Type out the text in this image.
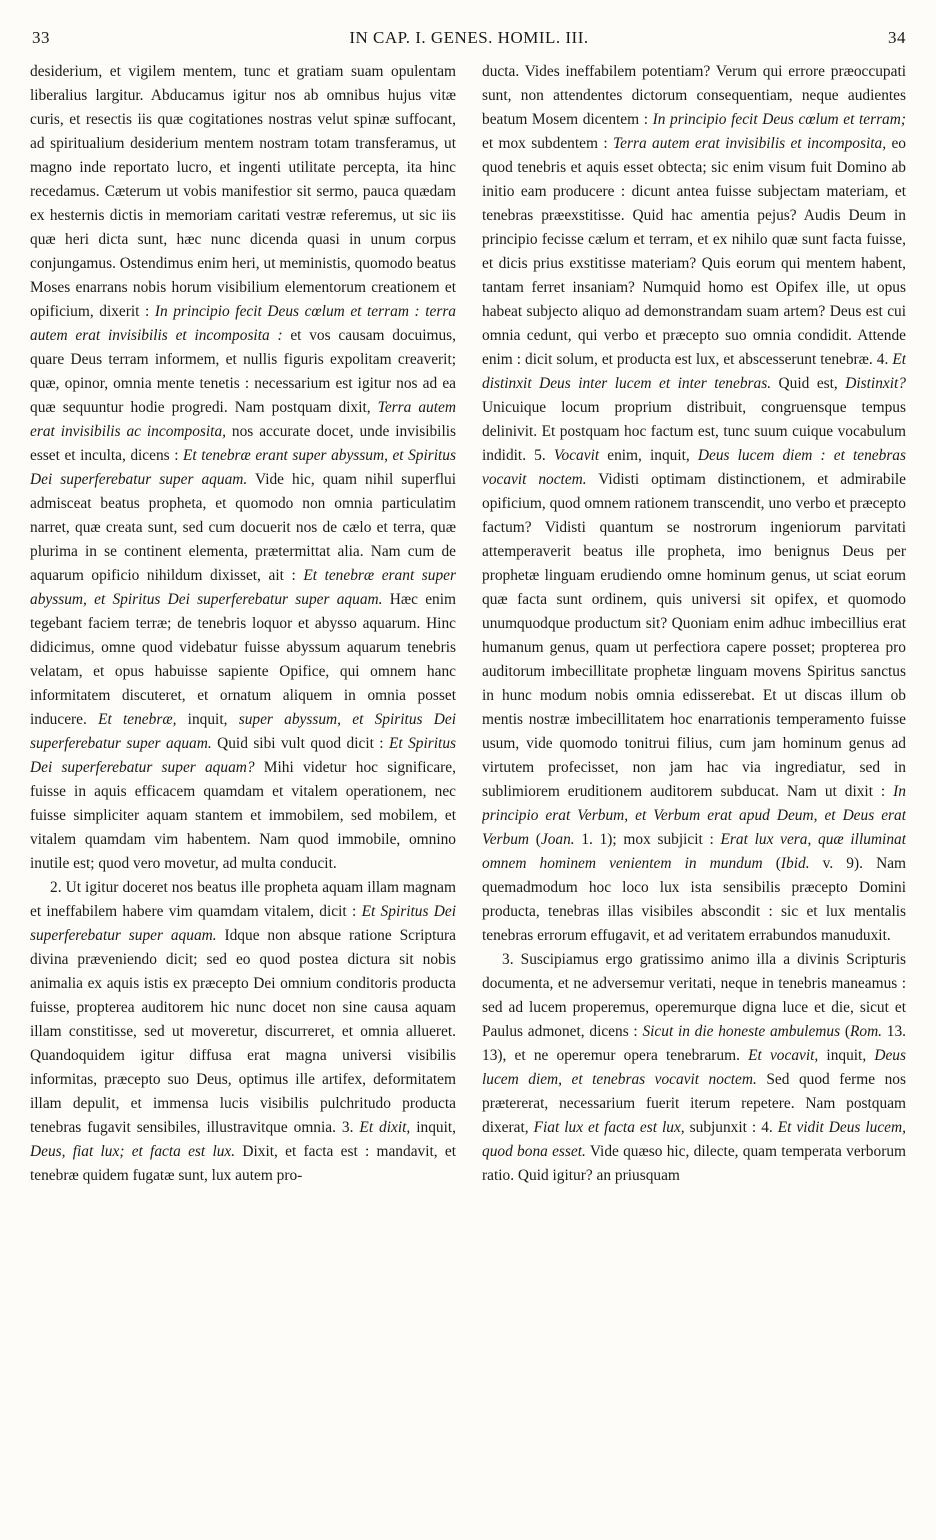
33	IN CAP. I. GENES. HOMIL. III.	34

desiderium, et vigilem mentem, tunc et gratiam suam opulentam liberalius largitur. Abducamus igitur nos ab omnibus hujus vitæ curis, et resectis iis quæ cogitationes nostras velut spinæ suffocant, ad spiritualium desiderium mentem nostram totam transferamus, ut magno inde reportato lucro, et ingenti utilitate percepta, ita hinc recedamus. Cæterum ut vobis manifestior sit sermo, pauca quædam ex hesternis dictis in memoriam caritati vestræ referemus, ut sic iis quæ heri dicta sunt, hæc nunc dicenda quasi in unum corpus conjungamus. Ostendimus enim heri, ut meministis, quomodo beatus Moses enarrans nobis horum visibilium elementorum creationem et opificium, dixerit : In principio fecit Deus cœlum et terram : terra autem erat invisibilis et incomposita : et vos causam docuimus, quare Deus terram informem, et nullis figuris expolitam creaverit; quæ, opinor, omnia mente tenetis : necessarium est igitur nos ad ea quæ sequuntur hodie progredi. Nam postquam dixit, Terra autem erat invisibilis ac incomposita, nos accurate docet, unde invisibilis esset et inculta, dicens : Et tenebræ erant super abyssum, et Spiritus Dei superferebatur super aquam. Vide hic, quam nihil superflui admisceat beatus propheta, et quomodo non omnia particulatim narret, quæ creata sunt, sed cum docuerit nos de cælo et terra, quæ plurima in se continent elementa, prætermittat alia. Nam cum de aquarum opificio nihildum dixisset, ait : Et tenebræ erant super abyssum, et Spiritus Dei superferebatur super aquam. Hæc enim tegebant faciem terræ; de tenebris loquor et abysso aquarum. Hinc didicimus, omne quod videbatur fuisse abyssum aquarum tenebris velatam, et opus habuisse sapiente Opifice, qui omnem hanc informitatem discuteret, et ornatum aliquem in omnia posset inducere. Et tenebræ, inquit, super abyssum, et Spiritus Dei superferebatur super aquam. Quid sibi vult quod dicit : Et Spiritus Dei superferebatur super aquam? Mihi videtur hoc significare, fuisse in aquis efficacem quamdam et vitalem operationem, nec fuisse simpliciter aquam stantem et immobilem, sed mobilem, et vitalem quamdam vim habentem. Nam quod immobile, omnino inutile est; quod vero movetur, ad multa conducit.

2. Ut igitur doceret nos beatus ille propheta aquam illam magnam et ineffabilem habere vim quamdam vitalem, dicit : Et Spiritus Dei superferebatur super aquam. Idque non absque ratione Scriptura divina præveniendo dicit; sed eo quod postea dictura sit nobis animalia ex aquis istis ex præcepto Dei omnium conditoris producta fuisse, propterea auditorem hic nunc docet non sine causa aquam illam constitisse, sed ut moveretur, discurreret, et omnia allueret. Quandoquidem igitur diffusa erat magna universi visibilis informitas, præcepto suo Deus, optimus ille artifex, deformitatem illam depulit, et immensa lucis visibilis pulchritudo producta tenebras fugavit sensibiles, illustravitque omnia. 3. Et dixit, inquit, Deus, fiat lux; et facta est lux. Dixit, et facta est : mandavit, et tenebræ quidem fugatæ sunt, lux autem pro-

ducta. Vides ineffabilem potentiam? Verum qui errore præoccupati sunt, non attendentes dictorum consequentiam, neque audientes beatum Mosem dicentem : In principio fecit Deus cœlum et terram; et mox subdentem : Terra autem erat invisibilis et incomposita, eo quod tenebris et aquis esset obtecta; sic enim visum fuit Domino ab initio eam producere : dicunt antea fuisse subjectam materiam, et tenebras præexstitisse. Quid hac amentia pejus? Audis Deum in principio fecisse cælum et terram, et ex nihilo quæ sunt facta fuisse, et dicis prius exstitisse materiam? Quis eorum qui mentem habent, tantam ferret insaniam? Numquid homo est Opifex ille, ut opus habeat subjecto aliquo ad demonstrandam suam artem? Deus est cui omnia cedunt, qui verbo et præcepto suo omnia condidit. Attende enim : dicit solum, et producta est lux, et abscesserunt tenebræ. 4. Et distinxit Deus inter lucem et inter tenebras. Quid est, Distinxit? Unicuique locum proprium distribuit, congruensque tempus delinivit. Et postquam hoc factum est, tunc suum cuique vocabulum indidit. 5. Vocavit enim, inquit, Deus lucem diem : et tenebras vocavit noctem. Vidisti optimam distinctionem, et admirabile opificium, quod omnem rationem transcendit, uno verbo et præcepto factum? Vidisti quantum se nostrorum ingeniorum parvitati attemperaverit beatus ille propheta, imo benignus Deus per prophetæ linguam erudiendo omne hominum genus, ut sciat eorum quæ facta sunt ordinem, quis universi sit opifex, et quomodo unumquodque productum sit? Quoniam enim adhuc imbecillius erat humanum genus, quam ut perfectiora capere posset; propterea pro auditorum imbecillitate prophetæ linguam movens Spiritus sanctus in hunc modum nobis omnia edisserebat. Et ut discas illum ob mentis nostræ imbecillitatem hoc enarrationis temperamento fuisse usum, vide quomodo tonitrui filius, cum jam hominum genus ad virtutem profecisset, non jam hac via ingrediatur, sed in sublimiorem eruditionem auditorem subducat. Nam ut dixit : In principio erat Verbum, et Verbum erat apud Deum, et Deus erat Verbum (Joan. 1. 1); mox subjicit : Erat lux vera, quæ illuminat omnem hominem venientem in mundum (Ibid. v. 9). Nam quemadmodum hoc loco lux ista sensibilis præcepto Domini producta, tenebras illas visibiles abscondit : sic et lux mentalis tenebras errorum effugavit, et ad veritatem errabundos manuduxit.

3. Suscipiamus ergo gratissimo animo illa a divinis Scripturis documenta, et ne adversemur veritati, neque in tenebris maneamus : sed ad lucem properemus, operemurque digna luce et die, sicut et Paulus admonet, dicens : Sicut in die honeste ambulemus (Rom. 13. 13), et ne operemur opera tenebrarum. Et vocavit, inquit, Deus lucem diem, et tenebras vocavit noctem. Sed quod ferme nos prætererat, necessarium fuerit iterum repetere. Nam postquam dixerat, Fiat lux et facta est lux, subjunxit : 4. Et vidit Deus lucem, quod bona esset. Vide quæso hic, dilecte, quam temperata verborum ratio. Quid igitur? an priusquam
